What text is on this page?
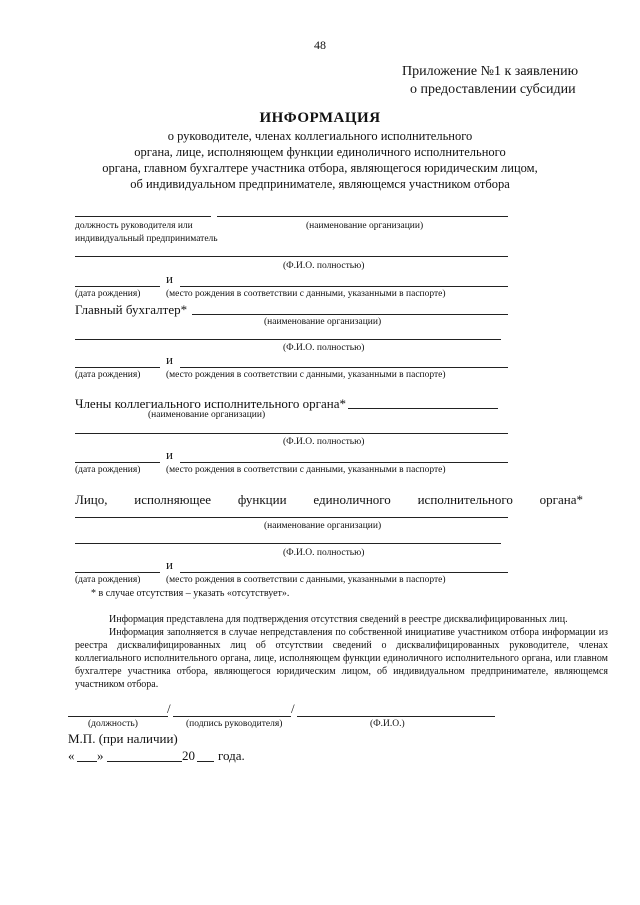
48
Приложение №1 к заявлению
о предоставлении субсидии
ИНФОРМАЦИЯ
о руководителе, членах коллегиального исполнительного
органа, лице, исполняющем функции единоличного исполнительного
органа, главном бухгалтере участника отбора, являющегося юридическим лицом,
об индивидуальном предпринимателе, являющемся участником отбора
должность руководителя или
индивидуальный предприниматель
(наименование организации)
(Ф.И.О. полностью)
и
(дата рождения)	(место рождения в соответствии с данными, указанными в паспорте)
Главный бухгалтер*
(наименование организации)
(Ф.И.О. полностью)
и
(дата рождения)	(место рождения в соответствии с данными, указанными в паспорте)
Члены коллегиального исполнительного органа*
(наименование организации)
(Ф.И.О. полностью)
и
(дата рождения)	(место рождения в соответствии с данными, указанными в паспорте)
Лицо, исполняющее функции единоличного исполнительного органа*
(наименование организации)
(Ф.И.О. полностью)
и
(дата рождения)	(место рождения в соответствии с данными, указанными в паспорте)
* в случае отсутствия – указать «отсутствует».
Информация представлена для подтверждения отсутствия сведений в реестре дисквалифицированных лиц.
Информация заполняется в случае непредставления по собственной инициативе участником отбора информации из реестра дисквалифицированных лиц об отсутствии сведений о дисквалифицированных руководителе, членах коллегиального исполнительного органа, лице, исполняющем функции единоличного исполнительного органа, или главном бухгалтере участника отбора, являющегося юридическим лицом, об индивидуальном предпринимателе, являющемся участником отбора.
/	/
(должность)	(подпись руководителя)	(Ф.И.О.)
М.П. (при наличии)
« »	20 года.
